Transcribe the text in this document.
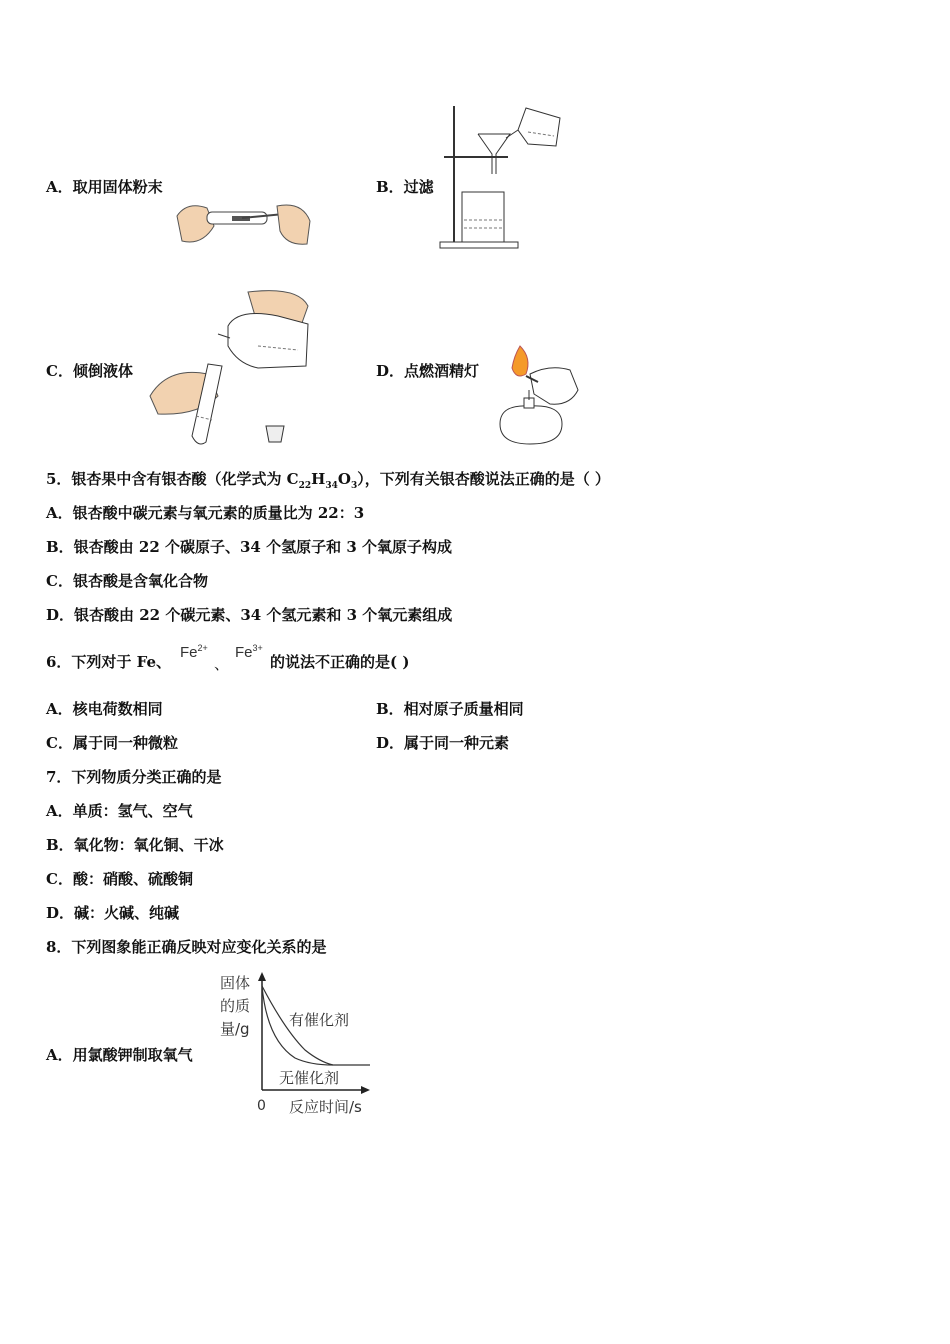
A．取用固体粉末	B．过滤
C．倾倒液体	D．点燃酒精灯
5．银杏果中含有银杏酸（化学式为 $C_{22}H_{34}O_3$），下列有关银杏酸说法正确的是（ ）
A．银杏酸中碳元素与氧元素的质量比为 22：3
B．银杏酸由 22 个碳原子、34 个氢原子和 3 个氧原子构成
C．银杏酸是含氧化合物
D．银杏酸由 22 个碳元素、34 个氢元素和 3 个氧元素组成
6．下列对于 Fe、
$Fe^{2+}$
、
$Fe^{3+}$
的说法不正确的是( )
A．核电荷数相同	B．相对原子质量相同
C．属于同一种微粒	D．属于同一种元素
7．下列物质分类正确的是
A．单质：氢气、空气
B．氧化物：氧化铜、干冰
C．酸：硝酸、硫酸铜
D．碱：火碱、纯碱
8．下列图象能正确反映对应变化关系的是
A．用氯酸钾制取氧气
固体
的质
量/g	有催化剂
无催化剂
0 反应时间/s
